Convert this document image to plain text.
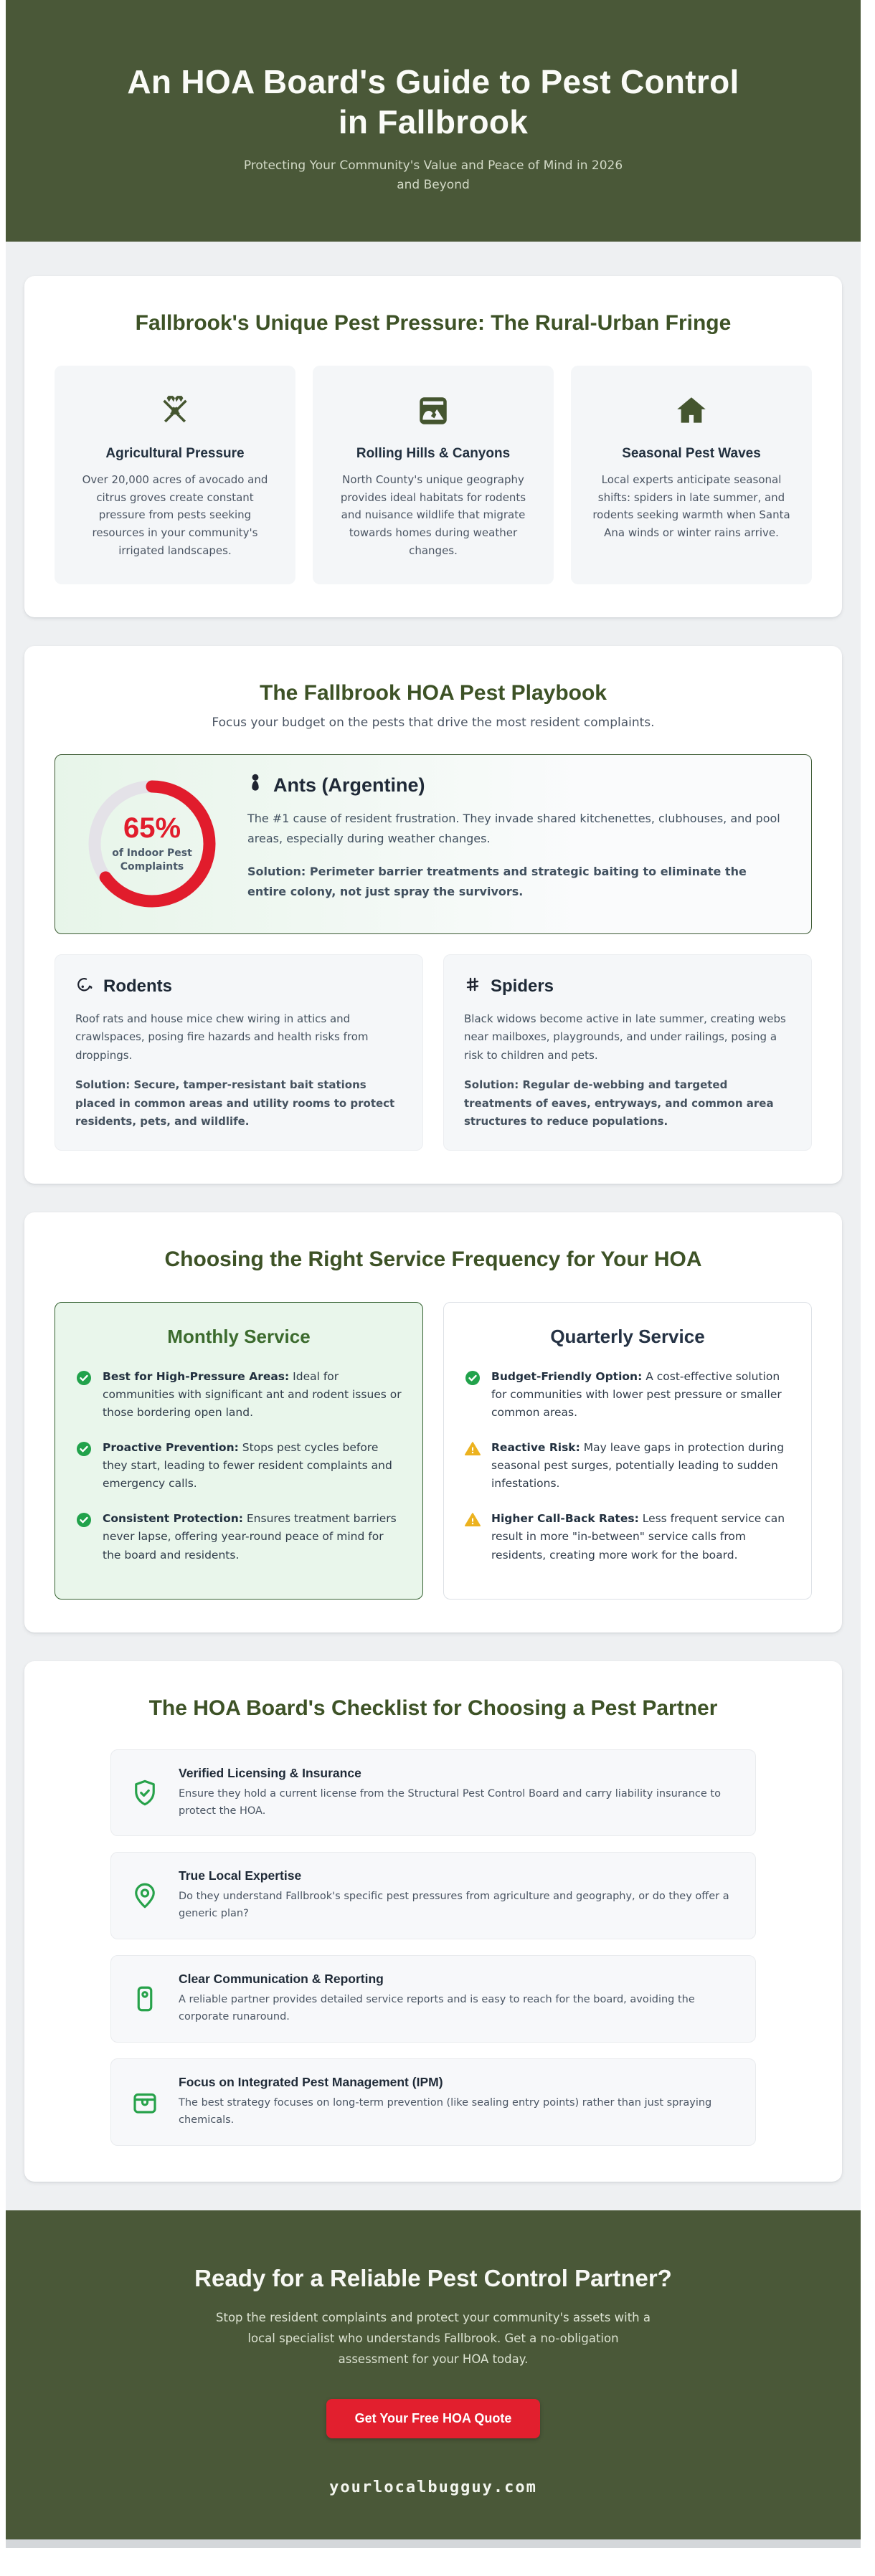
An HOA Board's Guide to Pest Control in Fallbrook
Protecting Your Community's Value and Peace of Mind in 2026 and Beyond
Fallbrook's Unique Pest Pressure: The Rural-Urban Fringe
Agricultural Pressure

Over 20,000 acres of avocado and citrus groves create constant pressure from pests seeking resources in your community's irrigated landscapes.

Rolling Hills & Canyons

North County's unique geography provides ideal habitats for rodents and nuisance wildlife that migrate towards homes during weather changes.

Seasonal Pest Waves

Local experts anticipate seasonal shifts: spiders in late summer, and rodents seeking warmth when Santa Ana winds or winter rains arrive.

The Fallbrook HOA Pest Playbook

Focus your budget on the pests that drive the most resident complaints.

65%
of Indoor Pest Complaints
Ants (Argentine)

The #1 cause of resident frustration. They invade shared kitchenettes, clubhouses, and pool areas, especially during weather changes.

Solution: Perimeter barrier treatments and strategic baiting to eliminate the entire colony, not just spray the survivors.

Rodents

Roof rats and house mice chew wiring in attics and crawlspaces, posing fire hazards and health risks from droppings.

Solution: Secure, tamper-resistant bait stations placed in common areas and utility rooms to protect residents, pets, and wildlife.

Spiders

Black widows become active in late summer, creating webs near mailboxes, playgrounds, and under railings, posing a risk to children and pets.

Solution: Regular de-webbing and targeted treatments of eaves, entryways, and common area structures to reduce populations.

Choosing the Right Service Frequency for Your HOA
Monthly Service

Best for High-Pressure Areas: Ideal for communities with significant ant and rodent issues or those bordering open land.

Proactive Prevention: Stops pest cycles before they start, leading to fewer resident complaints and emergency calls.

Consistent Protection: Ensures treatment barriers never lapse, offering year-round peace of mind for the board and residents.

Quarterly Service

Budget-Friendly Option: A cost-effective solution for communities with lower pest pressure or smaller common areas.

Reactive Risk: May leave gaps in protection during seasonal pest surges, potentially leading to sudden infestations.

Higher Call-Back Rates: Less frequent service can result in more "in-between" service calls from residents, creating more work for the board.

The HOA Board's Checklist for Choosing a Pest Partner
Verified Licensing & Insurance

Ensure they hold a current license from the Structural Pest Control Board and carry liability insurance to protect the HOA.

True Local Expertise

Do they understand Fallbrook's specific pest pressures from agriculture and geography, or do they offer a generic plan?

Clear Communication & Reporting

A reliable partner provides detailed service reports and is easy to reach for the board, avoiding the corporate runaround.

Focus on Integrated Pest Management (IPM)

The best strategy focuses on long-term prevention (like sealing entry points) rather than just spraying chemicals.

Ready for a Reliable Pest Control Partner?

Stop the resident complaints and protect your community's assets with a local specialist who understands Fallbrook. Get a no-obligation assessment for your HOA today.

Get Your Free HOA Quote
yourlocalbugguy.com
